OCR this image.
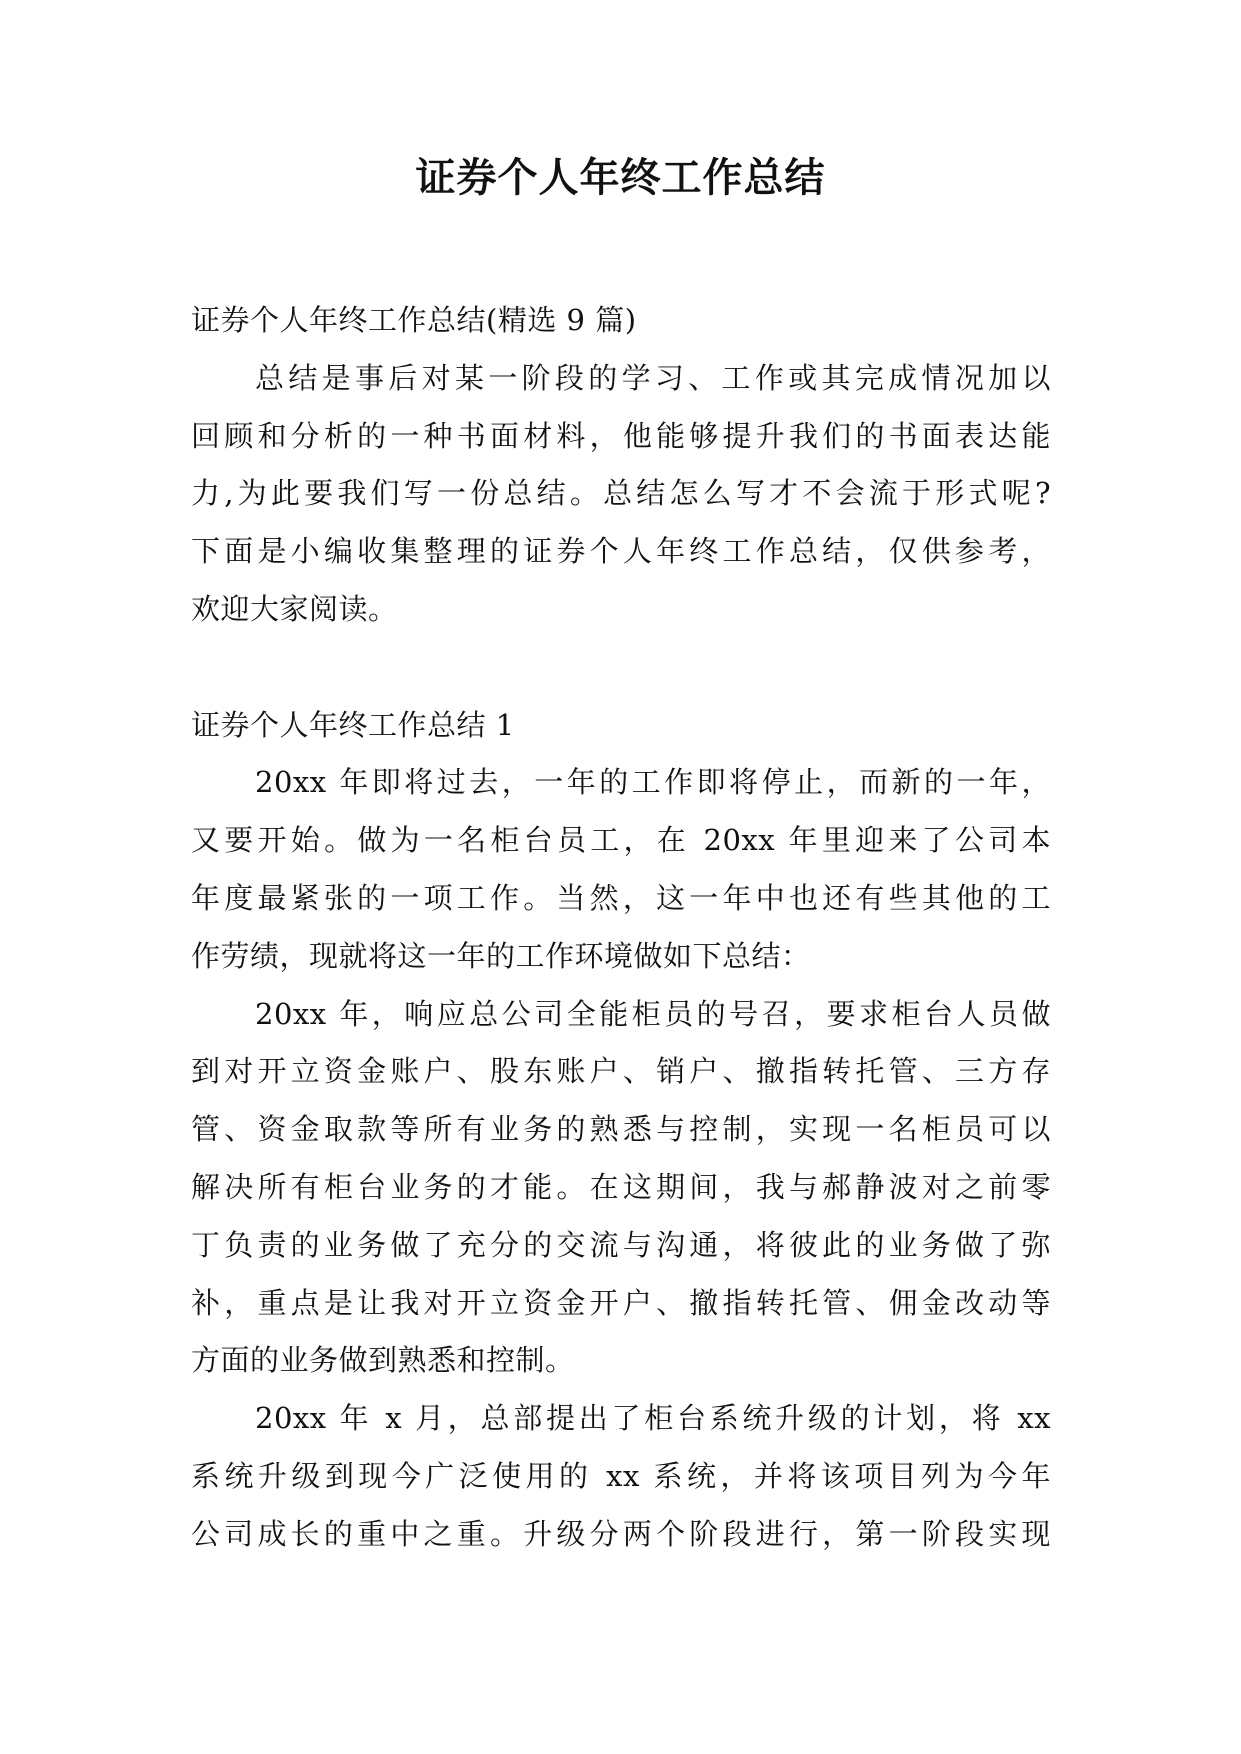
证券个人年终工作总结
证券个人年终工作总结(精选 9 篇)
总结是事后对某一阶段的学习、工作或其完成情况加以
回顾和分析的一种书面材料，他能够提升我们的书面表达能
力,为此要我们写一份总结。总结怎么写才不会流于形式呢?
下面是小编收集整理的证券个人年终工作总结，仅供参考，
欢迎大家阅读。
证券个人年终工作总结 1
20xx 年即将过去，一年的工作即将停止，而新的一年，
又要开始。做为一名柜台员工，在 20xx 年里迎来了公司本
年度最紧张的一项工作。当然，这一年中也还有些其他的工
作劳绩，现就将这一年的工作环境做如下总结：
20xx 年，响应总公司全能柜员的号召，要求柜台人员做
到对开立资金账户、股东账户、销户、撤指转托管、三方存
管、资金取款等所有业务的熟悉与控制，实现一名柜员可以
解决所有柜台业务的才能。在这期间，我与郝静波对之前零
丁负责的业务做了充分的交流与沟通，将彼此的业务做了弥
补，重点是让我对开立资金开户、撤指转托管、佣金改动等
方面的业务做到熟悉和控制。
20xx 年 x 月，总部提出了柜台系统升级的计划，将 xx
系统升级到现今广泛使用的 xx 系统，并将该项目列为今年
公司成长的重中之重。升级分两个阶段进行，第一阶段实现
